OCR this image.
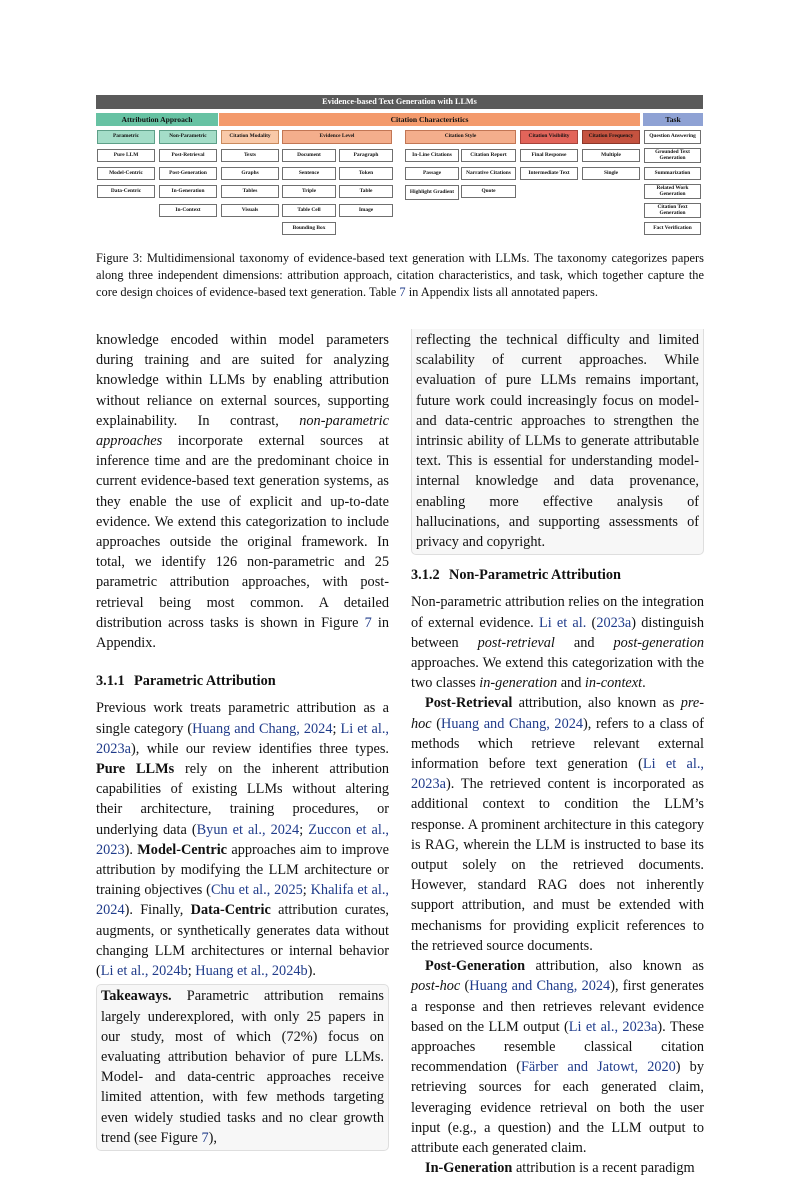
Evidence-based Text Generation with LLMs
Attribution Approach	Citation Characteristics	Task
Parametric	Non-Parametric	Citation Modality	Evidence Level	Citation Style	Citation Visibility	Citation Frequency	Question Answering
Pure LLM
Model-Centric
Data-Centric
Post-Retrieval
Post-Generation
In-Generation
In-Context
Texts
Graphs
Tables
Visuals
Document	Paragraph
Sentence	Token
Triple	Table
Table Cell	Image
Bounding Box
In-Line Citations	Citation Report
Passage	Narrative Citations
Highlight Gradient	Quote
Final Response
Intermediate Text
Multiple
Single
Grounded Text Generation
Summarization
Related Work Generation
Citation Text Generation
Fact Verification
Figure 3: Multidimensional taxonomy of evidence-based text generation with LLMs. The taxonomy categorizes papers along three independent dimensions: attribution approach, citation characteristics, and task, which together capture the core design choices of evidence-based text generation. Table 7 in Appendix lists all annotated papers.

knowledge encoded within model parameters during training and are suited for analyzing knowledge within LLMs by enabling attribution without reliance on external sources, supporting explainability. In contrast, non-parametric approaches incorporate external sources at inference time and are the predominant choice in current evidence-based text generation systems, as they enable the use of explicit and up-to-date evidence. We extend this categorization to include approaches outside the original framework. In total, we identify 126 non-parametric and 25 parametric attribution approaches, with post-retrieval being most common. A detailed distribution across tasks is shown in Figure 7 in Appendix.

3.1.1 Parametric Attribution

Previous work treats parametric attribution as a single category (Huang and Chang, 2024; Li et al., 2023a), while our review identifies three types. Pure LLMs rely on the inherent attribution capabilities of existing LLMs without altering their architecture, training procedures, or underlying data (Byun et al., 2024; Zuccon et al., 2023). Model-Centric approaches aim to improve attribution by modifying the LLM architecture or training objectives (Chu et al., 2025; Khalifa et al., 2024). Finally, Data-Centric attribution curates, augments, or synthetically generates data without changing LLM architectures or internal behavior (Li et al., 2024b; Huang et al., 2024b).

Takeaways. Parametric attribution remains largely underexplored, with only 25 papers in our study, most of which (72%) focus on evaluating attribution behavior of pure LLMs. Model- and data-centric approaches receive limited attention, with few methods targeting even widely studied tasks and no clear growth trend (see Figure 7),
reflecting the technical difficulty and limited scalability of current approaches. While evaluation of pure LLMs remains important, future work could increasingly focus on model- and data-centric approaches to strengthen the intrinsic ability of LLMs to generate attributable text. This is essential for understanding model-internal knowledge and data provenance, enabling more effective analysis of hallucinations, and supporting assessments of privacy and copyright.

3.1.2 Non-Parametric Attribution

Non-parametric attribution relies on the integration of external evidence. Li et al. (2023a) distinguish between post-retrieval and post-generation approaches. We extend this categorization with the two classes in-generation and in-context.

Post-Retrieval attribution, also known as pre-hoc (Huang and Chang, 2024), refers to a class of methods which retrieve relevant external information before text generation (Li et al., 2023a). The retrieved content is incorporated as additional context to condition the LLM’s response. A prominent architecture in this category is RAG, wherein the LLM is instructed to base its output solely on the retrieved documents. However, standard RAG does not inherently support attribution, and must be extended with mechanisms for providing explicit references to the retrieved source documents.

Post-Generation attribution, also known as post-hoc (Huang and Chang, 2024), first generates a response and then retrieves relevant evidence based on the LLM output (Li et al., 2023a). These approaches resemble classical citation recommendation (Färber and Jatowt, 2020) by retrieving sources for each generated claim, leveraging evidence retrieval on both the user input (e.g., a question) and the LLM output to attribute each generated claim.

In-Generation attribution is a recent paradigm
